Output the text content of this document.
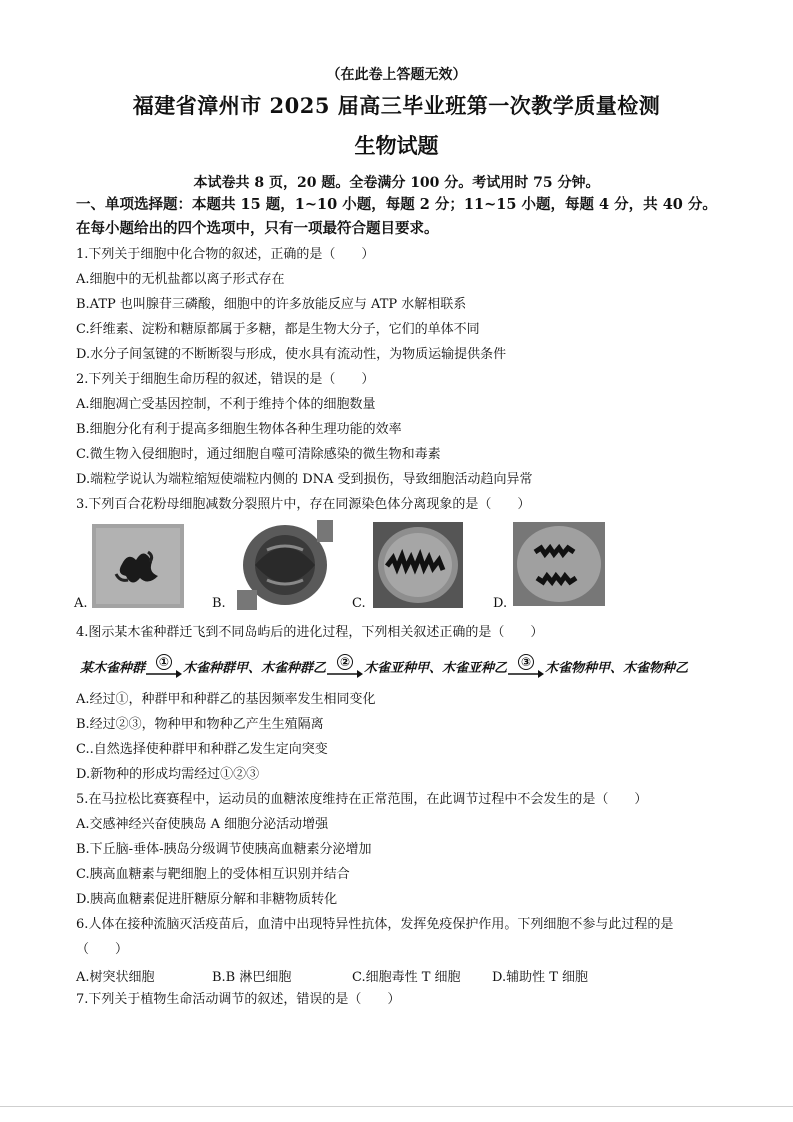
（在此卷上答题无效）
福建省漳州市 2025 届高三毕业班第一次教学质量检测
生物试题
本试卷共 8 页，20 题。全卷满分 100 分。考试用时 75 分钟。
一、单项选择题：本题共 15 题，1~10 小题，每题 2 分；11~15 小题，每题 4 分，共 40 分。
在每小题给出的四个选项中，只有一项最符合题目要求。
1.下列关于细胞中化合物的叙述，正确的是（　　）
A.细胞中的无机盐都以离子形式存在
B.ATP 也叫腺苷三磷酸，细胞中的许多放能反应与 ATP 水解相联系
C.纤维素、淀粉和糖原都属于多糖，都是生物大分子，它们的单体不同
D.水分子间氢键的不断断裂与形成，使水具有流动性，为物质运输提供条件
2.下列关于细胞生命历程的叙述，错误的是（　　）
A.细胞凋亡受基因控制，不利于维持个体的细胞数量
B.细胞分化有利于提高多细胞生物体各种生理功能的效率
C.微生物入侵细胞时，通过细胞自噬可清除感染的微生物和毒素
D.端粒学说认为端粒缩短使端粒内侧的 DNA 受到损伤，导致细胞活动趋向异常
3.下列百合花粉母细胞减数分裂照片中，存在同源染色体分离现象的是（　　）
A.	B.	C.	D.
4.图示某木雀种群迁飞到不同岛屿后的进化过程，下列相关叙述正确的是（　　）
某木雀种群 ① 木雀种群甲、木雀种群乙 ② 木雀亚种甲、木雀亚种乙 ③ 木雀物种甲、木雀物种乙
A.经过①，种群甲和种群乙的基因频率发生相同变化
B.经过②③，物种甲和物种乙产生生殖隔离
C..自然选择使种群甲和种群乙发生定向突变
D.新物种的形成均需经过①②③
5.在马拉松比赛赛程中，运动员的血糖浓度维持在正常范围，在此调节过程中不会发生的是（　　）
A.交感神经兴奋使胰岛 A 细胞分泌活动增强
B.下丘脑-垂体-胰岛分级调节使胰高血糖素分泌增加
C.胰高血糖素与靶细胞上的受体相互识别并结合
D.胰高血糖素促进肝糖原分解和非糖物质转化
6.人体在接种流脑灭活疫苗后，血清中出现特异性抗体，发挥免疫保护作用。下列细胞不参与此过程的是
（　　）
A.树突状细胞	B.B 淋巴细胞	C.细胞毒性 T 细胞 D.辅助性 T 细胞
7.下列关于植物生命活动调节的叙述，错误的是（　　）
